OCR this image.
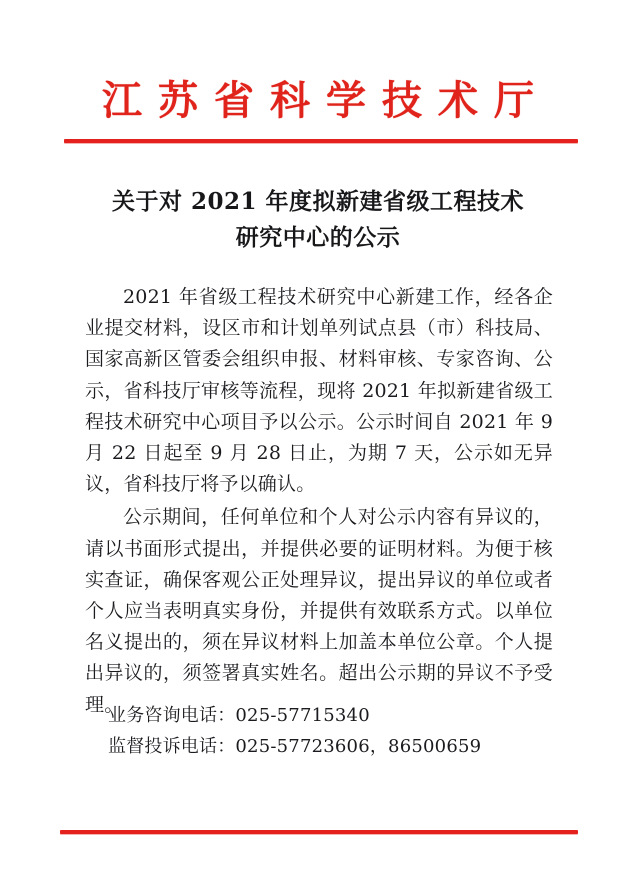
江苏省科学技术厅
关于对 2021 年度拟新建省级工程技术
研究中心的公示

2021 年省级工程技术研究中心新建工作，经各企业提交材料，设区市和计划单列试点县（市）科技局、国家高新区管委会组织申报、材料审核、专家咨询、公示，省科技厅审核等流程，现将 2021 年拟新建省级工程技术研究中心项目予以公示。公示时间自 2021 年 9 月 22 日起至 9 月 28 日止，为期 7 天，公示如无异议，省科技厅将予以确认。

公示期间，任何单位和个人对公示内容有异议的，请以书面形式提出，并提供必要的证明材料。为便于核实查证，确保客观公正处理异议，提出异议的单位或者个人应当表明真实身份，并提供有效联系方式。以单位名义提出的，须在异议材料上加盖本单位公章。个人提出异议的，须签署真实姓名。超出公示期的异议不予受理。

业务咨询电话：025-57715340
监督投诉电话：025-57723606，86500659
